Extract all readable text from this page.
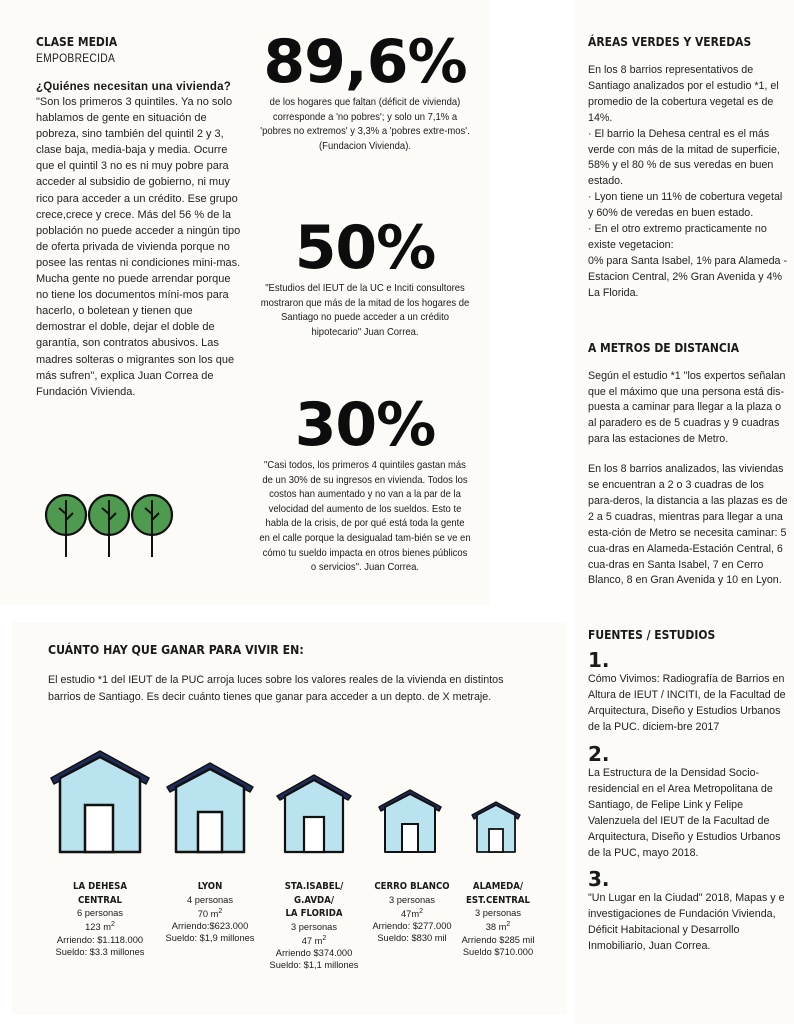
CLASE MEDIA
EMPOBRECIDA
¿Quiénes necesitan una vivienda?
"Son los primeros 3 quintiles. Ya no solo hablamos de gente en situación de pobreza, sino también del quintil 2 y 3, clase baja, media-baja y media. Ocurre que el quintil 3 no es ni muy pobre para acceder al subsidio de gobierno, ni muy rico para acceder a un crédito. Ese grupo crece,crece y crece. Más del 56 % de la población no puede acceder a ningún tipo de oferta privada de vivienda porque no posee las rentas ni condiciones mini-mas. Mucha gente no puede arrendar porque no tiene los documentos míni-mos para hacerlo, o boletean y tienen que demostrar el doble, dejar el doble de garantía, son contratos abusivos. Las madres solteras o migrantes son los que más sufren", explica Juan Correa de Fundación Vivienda.
89,6%
de los hogares que faltan (déficit de vivienda) corresponde a 'no pobres'; y solo un 7,1% a 'pobres no extremos' y 3,3% a 'pobres extre-mos'. (Fundacion Vivienda).
50%
"Estudios del IEUT de la UC e Inciti consultores mostraron que más de la mitad de los hogares de Santiago no puede acceder a un crédito hipotecario" Juan Correa.
30%
"Casi todos, los primeros 4 quintiles gastan más de un 30% de su ingresos en vivienda. Todos los costos han aumentado y no van a la par de la velocidad del aumento de los sueldos. Esto te habla de la crisis, de por qué está toda la gente en el calle porque la desigualad tam-bién se ve en cómo tu sueldo impacta en otros bienes públicos o servicios". Juan Correa.
ÁREAS VERDES Y VEREDAS
En los 8 barrios representativos de Santiago analizados por el estudio *1, el promedio de la cobertura vegetal es de 14%.
· El barrio la Dehesa central es el más verde con más de la mitad de superficie, 58% y el 80 % de sus veredas en buen estado.
· Lyon tiene un 11% de cobertura vegetal y 60% de veredas en buen estado.
· En el otro extremo practicamente no existe vegetacion:
0% para Santa Isabel, 1% para Alameda - Estacion Central, 2% Gran Avenida y 4% La Florida.
A METROS DE DISTANCIA
Según el estudio *1 "los expertos señalan que el máximo que una persona está dis-puesta a caminar para llegar a la plaza o al paradero es de 5 cuadras y 9 cuadras para las estaciones de Metro.
En los 8 barrios analizados, las viviendas se encuentran a 2 o 3 cuadras de los para-deros, la distancia a las plazas es de 2 a 5 cuadras, mientras para llegar a una esta-ción de Metro se necesita caminar: 5 cua-dras en Alameda-Estación Central, 6 cua-dras en Santa Isabel, 7 en Cerro Blanco, 8 en Gran Avenida y 10 en Lyon.
FUENTES / ESTUDIOS
1.
Cómo Vivimos: Radiografía de Barrios en Altura de IEUT / INCITI, de la Facultad de Arquitectura, Diseño y Estudios Urbanos de la PUC. diciem-bre 2017
2.
La Estructura de la Densidad Socio-residencial en el Area Metropolitana de Santiago, de Felipe Link y Felipe Valenzuela del IEUT de la Facultad de Arquitectura, Diseño y Estudios Urbanos de la PUC, mayo 2018.
3.
"Un Lugar en la Ciudad" 2018, Mapas y e investigaciones de Fundación Vivienda, Déficit Habitacional y Desarrollo Inmobiliario, Juan Correa.
CUÁNTO HAY QUE GANAR PARA VIVIR EN:
El estudio *1 del IEUT de la PUC arroja luces sobre los valores reales de la vivienda en distintos barrios de Santiago. Es decir cuánto tienes que ganar para acceder a un depto. de X metraje.
LA DEHESA
CENTRAL
6 personas
123 $m^2$
Arriendo: $1.118.000
Sueldo: $3.3 millones
LYON
4 personas
70 $m^2$
Arriendo:$623.000
Sueldo: $1,9 millones
STA.ISABEL/
G.AVDA/
LA FLORIDA
3 personas
47 $m^2$
Arriendo $374.000
Sueldo: $1,1 millones
CERRO BLANCO
3 personas
$47m^2$
Arriendo: $277.000
Sueldo: $830 mil
ALAMEDA/
EST.CENTRAL
3 personas
38 $m^2$
Arriendo $285 mil
Sueldo $710.000
